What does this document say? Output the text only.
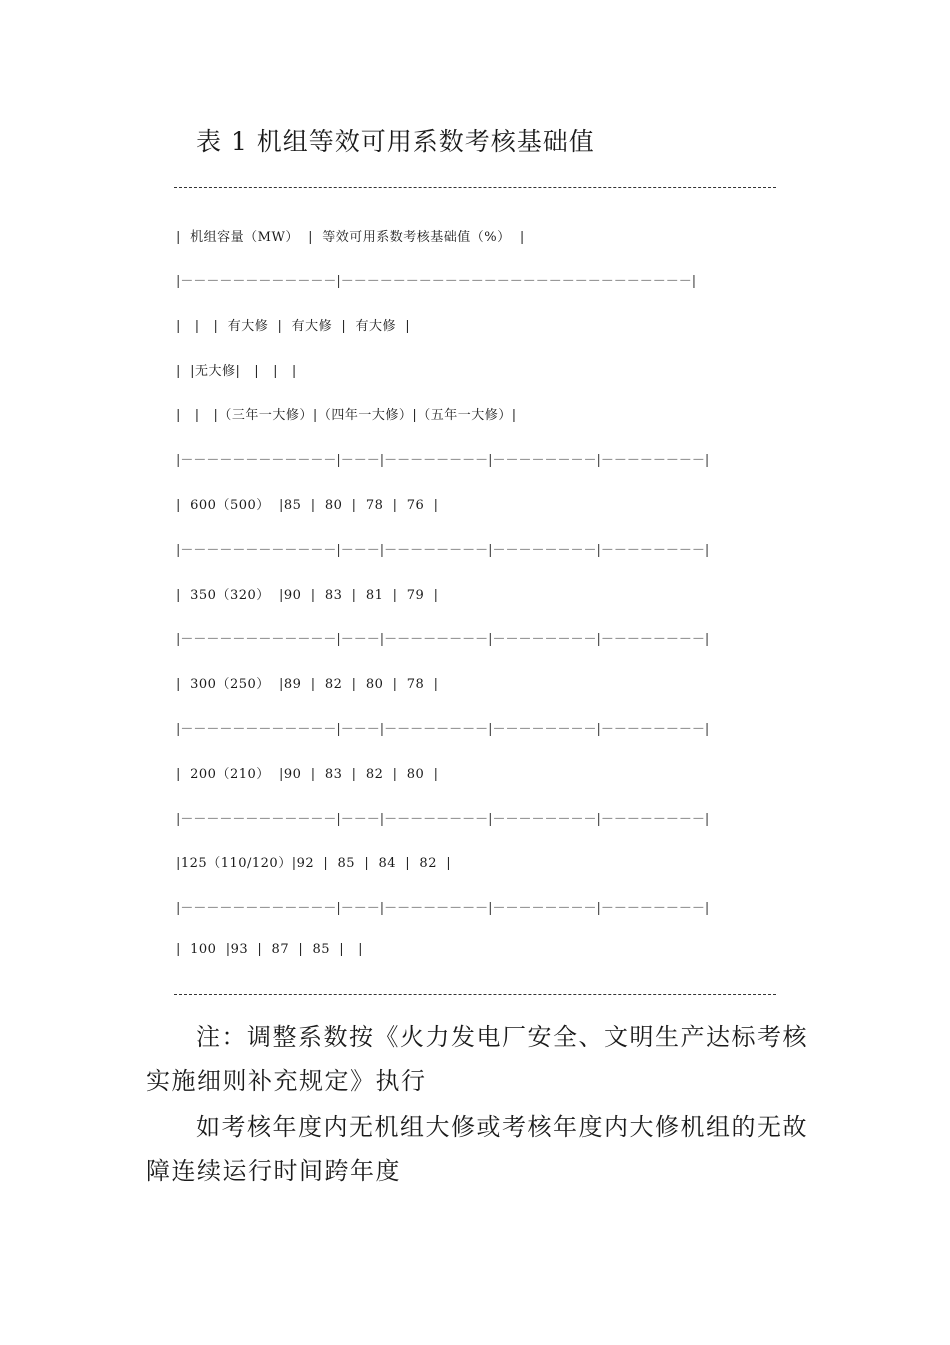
表 1 机组等效可用系数考核基础值
|  机组容量（MW）  |  等效可用系数考核基础值（%）  |
|－－－－－－－－－－－－|－－－－－－－－－－－－－－－－－－－－－－－－－－－|
|   |   |  有大修  |  有大修  |  有大修  |
|  |无大修|   |   |   |
|   |   |（三年一大修）|（四年一大修）|（五年一大修）|
|－－－－－－－－－－－－|－－－|－－－－－－－－|－－－－－－－－|－－－－－－－－|
|  600（500）  |85  |  80  |  78  |  76  |
|－－－－－－－－－－－－|－－－|－－－－－－－－|－－－－－－－－|－－－－－－－－|
|  350（320）  |90  |  83  |  81  |  79  |
|－－－－－－－－－－－－|－－－|－－－－－－－－|－－－－－－－－|－－－－－－－－|
|  300（250）  |89  |  82  |  80  |  78  |
|－－－－－－－－－－－－|－－－|－－－－－－－－|－－－－－－－－|－－－－－－－－|
|  200（210）  |90  |  83  |  82  |  80  |
|－－－－－－－－－－－－|－－－|－－－－－－－－|－－－－－－－－|－－－－－－－－|
|125（110/120）|92  |  85  |  84  |  82  |
|－－－－－－－－－－－－|－－－|－－－－－－－－|－－－－－－－－|－－－－－－－－|
|  100  |93  |  87  |  85  |   |
注：调整系数按《火力发电厂安全、文明生产达标考核实施细则补充规定》执行
如考核年度内无机组大修或考核年度内大修机组的无故障连续运行时间跨年度
